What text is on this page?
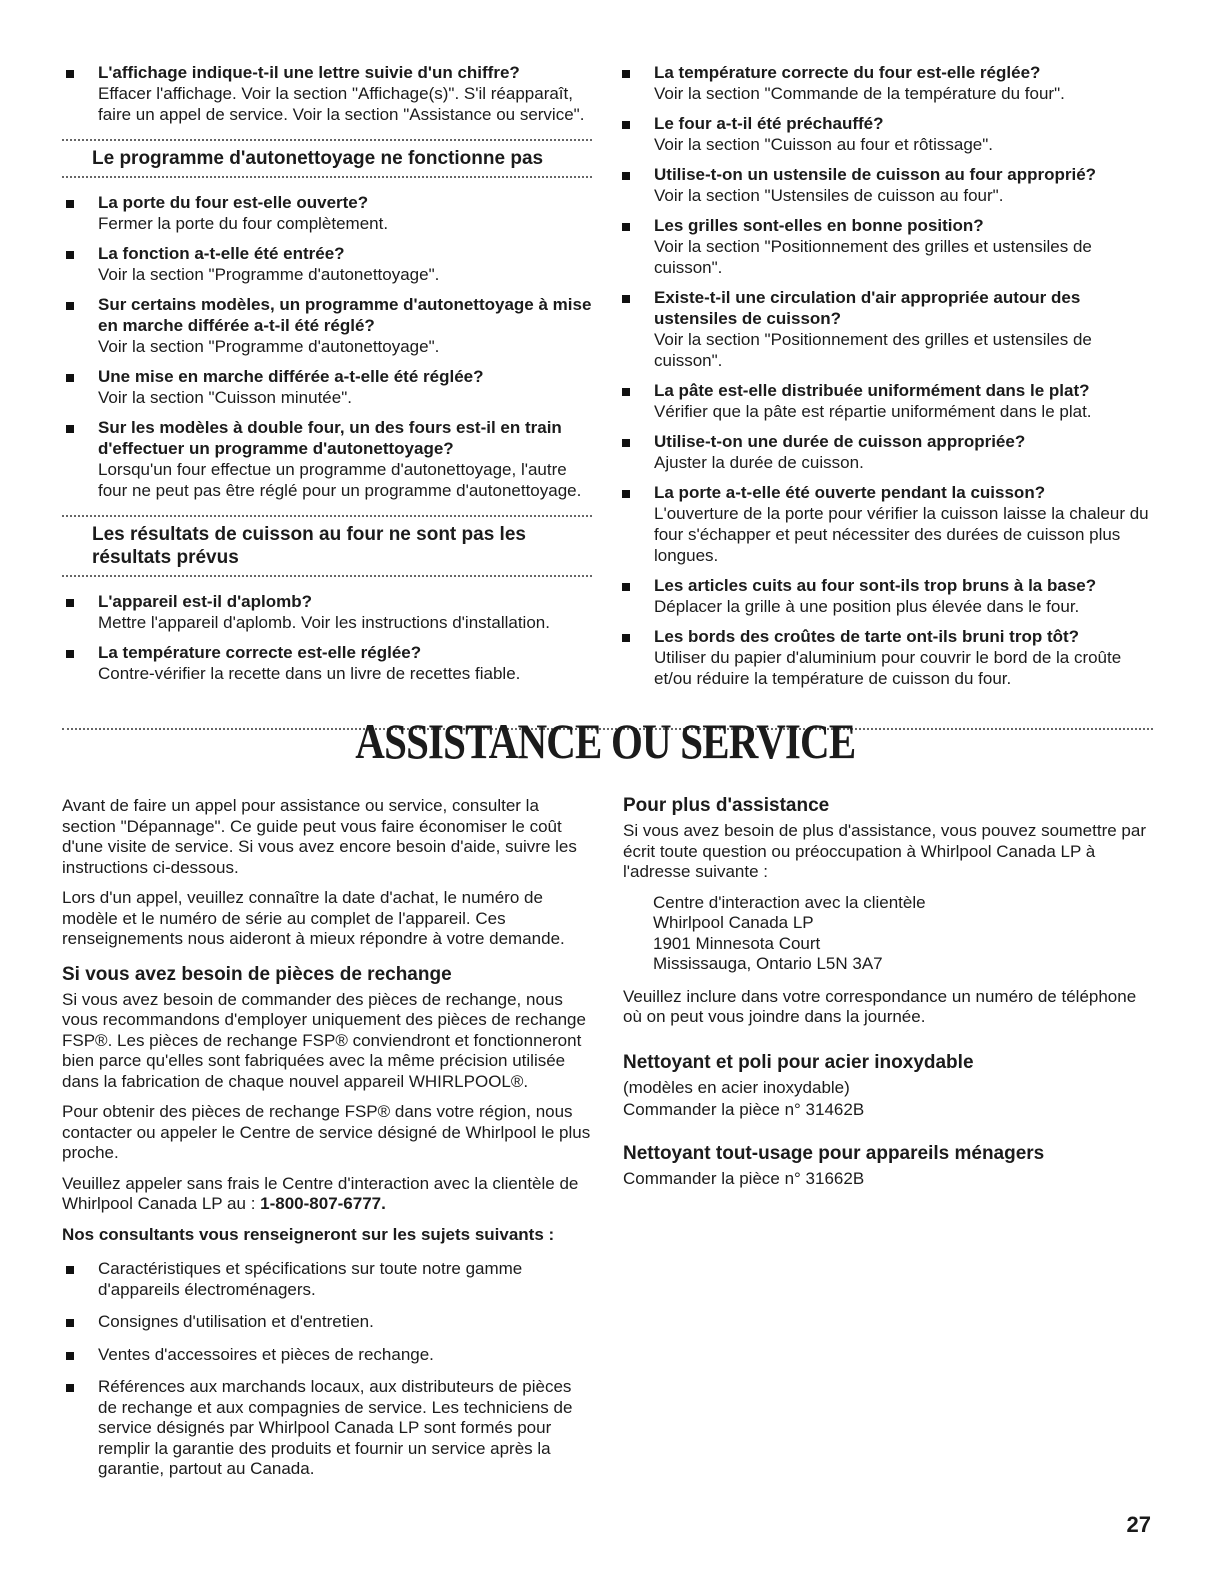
L'affichage indique-t-il une lettre suivie d'un chiffre?
Effacer l'affichage. Voir la section "Affichage(s)". S'il réapparaît, faire un appel de service. Voir la section "Assistance ou service".
Le programme d'autonettoyage ne fonctionne pas
La porte du four est-elle ouverte?
Fermer la porte du four complètement.
La fonction a-t-elle été entrée?
Voir la section "Programme d'autonettoyage".
Sur certains modèles, un programme d'autonettoyage à mise en marche différée a-t-il été réglé?
Voir la section "Programme d'autonettoyage".
Une mise en marche différée a-t-elle été réglée?
Voir la section "Cuisson minutée".
Sur les modèles à double four, un des fours est-il en train d'effectuer un programme d'autonettoyage?
Lorsqu'un four effectue un programme d'autonettoyage, l'autre four ne peut pas être réglé pour un programme d'autonettoyage.
Les résultats de cuisson au four ne sont pas les résultats prévus
L'appareil est-il d'aplomb?
Mettre l'appareil d'aplomb. Voir les instructions d'installation.
La température correcte est-elle réglée?
Contre-vérifier la recette dans un livre de recettes fiable.
La température correcte du four est-elle réglée?
Voir la section "Commande de la température du four".
Le four a-t-il été préchauffé?
Voir la section "Cuisson au four et rôtissage".
Utilise-t-on un ustensile de cuisson au four approprié?
Voir la section "Ustensiles de cuisson au four".
Les grilles sont-elles en bonne position?
Voir la section "Positionnement des grilles et ustensiles de cuisson".
Existe-t-il une circulation d'air appropriée autour des ustensiles de cuisson?
Voir la section "Positionnement des grilles et ustensiles de cuisson".
La pâte est-elle distribuée uniformément dans le plat?
Vérifier que la pâte est répartie uniformément dans le plat.
Utilise-t-on une durée de cuisson appropriée?
Ajuster la durée de cuisson.
La porte a-t-elle été ouverte pendant la cuisson?
L'ouverture de la porte pour vérifier la cuisson laisse la chaleur du four s'échapper et peut nécessiter des durées de cuisson plus longues.
Les articles cuits au four sont-ils trop bruns à la base?
Déplacer la grille à une position plus élevée dans le four.
Les bords des croûtes de tarte ont-ils bruni trop tôt?
Utiliser du papier d'aluminium pour couvrir le bord de la croûte et/ou réduire la température de cuisson du four.
ASSISTANCE OU SERVICE

Avant de faire un appel pour assistance ou service, consulter la section "Dépannage". Ce guide peut vous faire économiser le coût d'une visite de service. Si vous avez encore besoin d'aide, suivre les instructions ci-dessous.

Lors d'un appel, veuillez connaître la date d'achat, le numéro de modèle et le numéro de série au complet de l'appareil. Ces renseignements nous aideront à mieux répondre à votre demande.

Si vous avez besoin de pièces de rechange

Si vous avez besoin de commander des pièces de rechange, nous vous recommandons d'employer uniquement des pièces de rechange FSP®. Les pièces de rechange FSP® conviendront et fonctionneront bien parce qu'elles sont fabriquées avec la même précision utilisée dans la fabrication de chaque nouvel appareil WHIRLPOOL®.

Pour obtenir des pièces de rechange FSP® dans votre région, nous contacter ou appeler le Centre de service désigné de Whirlpool le plus proche.

Veuillez appeler sans frais le Centre d'interaction avec la clientèle de Whirlpool Canada LP au : 1-800-807-6777.

Nos consultants vous renseigneront sur les sujets suivants :

Caractéristiques et spécifications sur toute notre gamme d'appareils électroménagers.
Consignes d'utilisation et d'entretien.
Ventes d'accessoires et pièces de rechange.
Références aux marchands locaux, aux distributeurs de pièces de rechange et aux compagnies de service. Les techniciens de service désignés par Whirlpool Canada LP sont formés pour remplir la garantie des produits et fournir un service après la garantie, partout au Canada.
Pour plus d'assistance

Si vous avez besoin de plus d'assistance, vous pouvez soumettre par écrit toute question ou préoccupation à Whirlpool Canada LP à l'adresse suivante :

Centre d'interaction avec la clientèle
Whirlpool Canada LP
1901 Minnesota Court
Mississauga, Ontario L5N 3A7

Veuillez inclure dans votre correspondance un numéro de téléphone où on peut vous joindre dans la journée.

Nettoyant et poli pour acier inoxydable

(modèles en acier inoxydable)

Commander la pièce n° 31462B

Nettoyant tout-usage pour appareils ménagers

Commander la pièce n° 31662B

27
